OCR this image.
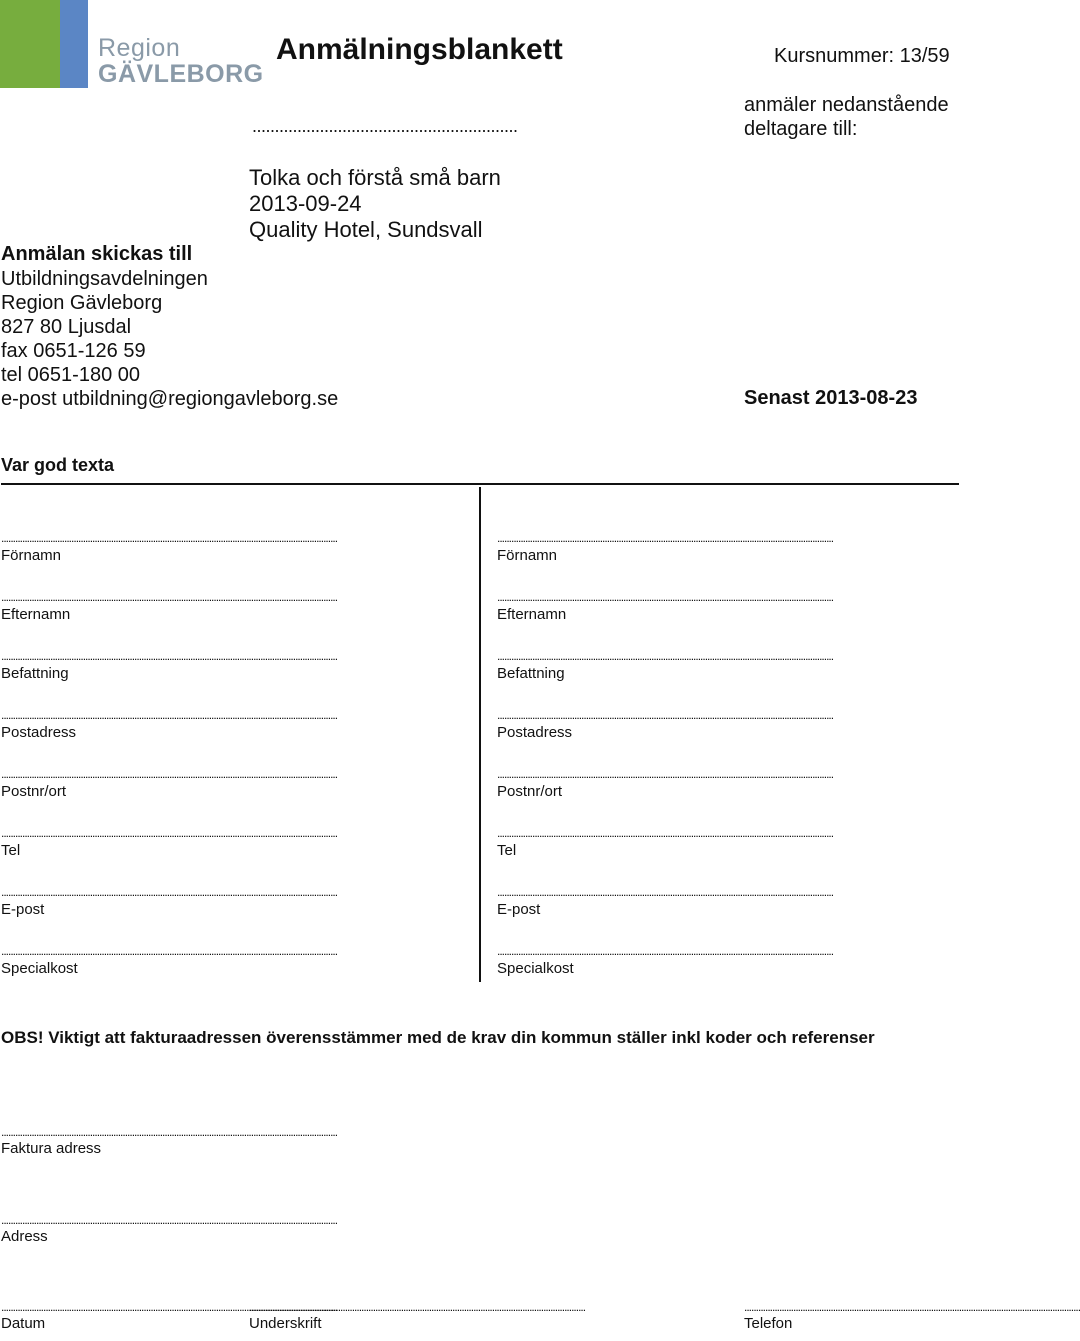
Region
GÄVLEBORG
Anmälningsblankett	Kursnummer: 13/59
anmäler nedanstående
deltagare till:
...........................................................
Tolka och förstå små barn
2013-09-24
Quality Hotel, Sundsvall
Anmälan skickas till
Utbildningsavdelningen
Region Gävleborg
827 80 Ljusdal
fax 0651-126 59
tel 0651-180 00
e-post utbildning@regiongavleborg.se	Senast 2013-08-23
Var god texta
................................................................................................................................................
Förnamn
................................................................................................................................................
Efternamn
................................................................................................................................................
Befattning
................................................................................................................................................
Postadress
................................................................................................................................................
Postnr/ort
................................................................................................................................................
Tel
................................................................................................................................................
E-post
................................................................................................................................................
Specialkost
................................................................................................................................................
Förnamn
................................................................................................................................................
Efternamn
................................................................................................................................................
Befattning
................................................................................................................................................
Postadress
................................................................................................................................................
Postnr/ort
................................................................................................................................................
Tel
................................................................................................................................................
E-post
................................................................................................................................................
Specialkost
OBS! Viktigt att fakturaadressen överensstämmer med de krav din kommun ställer inkl koder och referenser
................................................................................................................................................
Faktura adress
................................................................................................................................................
Adress
................................................................................................................................................
Datum
................................................................................................................................................
Underskrift
................................................................................................................................................
Telefon
